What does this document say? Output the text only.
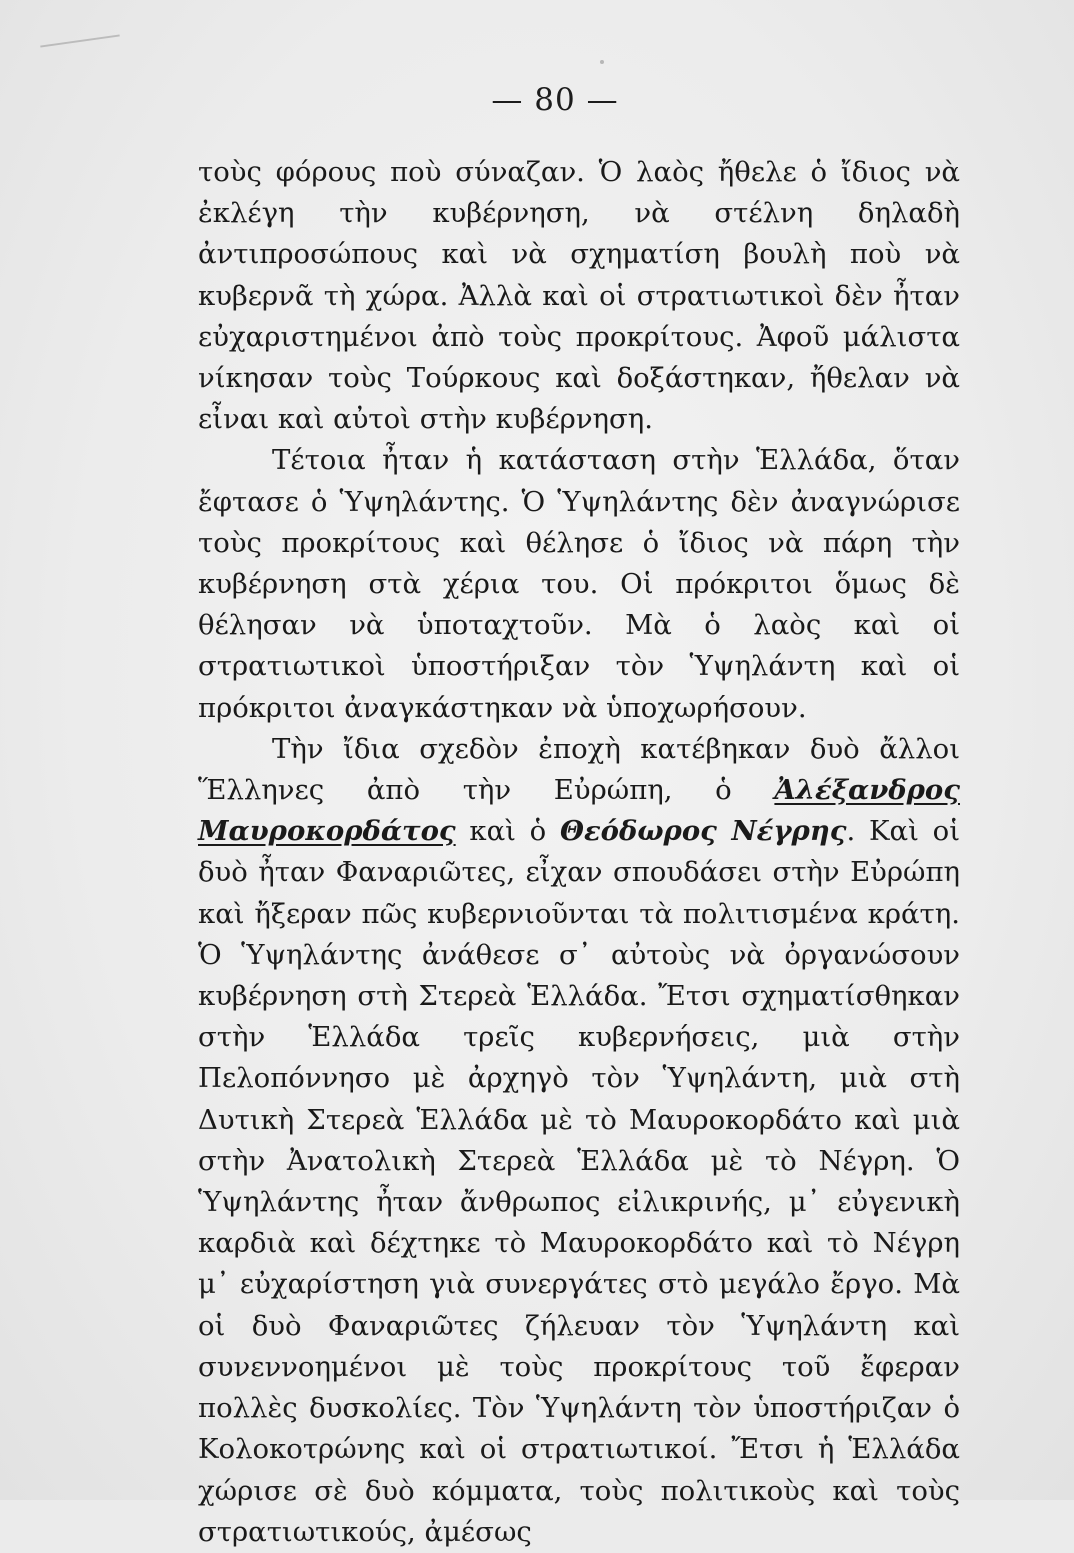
— 80 —

τοὺς φόρους ποὺ σύναζαν. Ὁ λαὸς ἤθελε ὁ ἴδιος νὰ ἐκλέγη τὴν κυβέρνηση, νὰ στέλνη δηλαδὴ ἀντιπροσώπους καὶ νὰ σχηματίση βουλὴ ποὺ νὰ κυβερνᾶ τὴ χώρα. Ἀλλὰ καὶ οἱ στρατιωτικοὶ δὲν ἦταν εὐχαριστημένοι ἀπὸ τοὺς προκρίτους. Ἀφοῦ μάλιστα νίκησαν τοὺς Τούρκους καὶ δοξάστηκαν, ἤθελαν νὰ εἶναι καὶ αὐτοὶ στὴν κυβέρνηση.

Τέτοια ἦταν ἡ κατάσταση στὴν Ἑλλάδα, ὅταν ἔφτασε ὁ Ὑψηλάντης. Ὁ Ὑψηλάντης δὲν ἀναγνώρισε τοὺς προκρίτους καὶ θέλησε ὁ ἴδιος νὰ πάρη τὴν κυβέρνηση στὰ χέρια του. Οἱ πρόκριτοι ὅμως δὲ θέλησαν νὰ ὑποταχτοῦν. Μὰ ὁ λαὸς καὶ οἱ στρατιωτικοὶ ὑποστήριξαν τὸν Ὑψηλάντη καὶ οἱ πρόκριτοι ἀναγκάστηκαν νὰ ὑποχωρήσουν.

Τὴν ἴδια σχεδὸν ἐποχὴ κατέβηκαν δυὸ ἄλλοι Ἕλληνες ἀπὸ τὴν Εὐρώπη, ὁ Ἀλέξανδρος Μαυροκορδάτος καὶ ὁ Θεόδωρος Νέγρης. Καὶ οἱ δυὸ ἦταν Φαναριῶτες, εἶχαν σπουδάσει στὴν Εὐρώπη καὶ ἤξεραν πῶς κυβερνιοῦνται τὰ πολιτισμένα κράτη. Ὁ Ὑψηλάντης ἀνάθεσε σ᾿ αὐτοὺς νὰ ὀργανώσουν κυβέρνηση στὴ Στερεὰ Ἑλλάδα. Ἔτσι σχηματίσθηκαν στὴν Ἑλλάδα τρεῖς κυβερνήσεις, μιὰ στὴν Πελοπόννησο μὲ ἀρχηγὸ τὸν Ὑψηλάντη, μιὰ στὴ Δυτικὴ Στερεὰ Ἑλλάδα μὲ τὸ Μαυροκορδάτο καὶ μιὰ στὴν Ἀνατολικὴ Στερεὰ Ἑλλάδα μὲ τὸ Νέγρη. Ὁ Ὑψηλάντης ἦταν ἄνθρωπος εἰλικρινής, μ᾿ εὐγενικὴ καρδιὰ καὶ δέχτηκε τὸ Μαυροκορδάτο καὶ τὸ Νέγρη μ᾿ εὐχαρίστηση γιὰ συνεργάτες στὸ μεγάλο ἔργο. Μὰ οἱ δυὸ Φαναριῶτες ζήλευαν τὸν Ὑψηλάντη καὶ συνεννοημένοι μὲ τοὺς προκρίτους τοῦ ἔφεραν πολλὲς δυσκολίες. Τὸν Ὑψηλάντη τὸν ὑποστήριζαν ὁ Κολοκοτρώνης καὶ οἱ στρατιωτικοί. Ἔτσι ἡ Ἑλλάδα χώρισε σὲ δυὸ κόμματα, τοὺς πολιτικοὺς καὶ τοὺς στρατιωτικούς, ἀμέσως
